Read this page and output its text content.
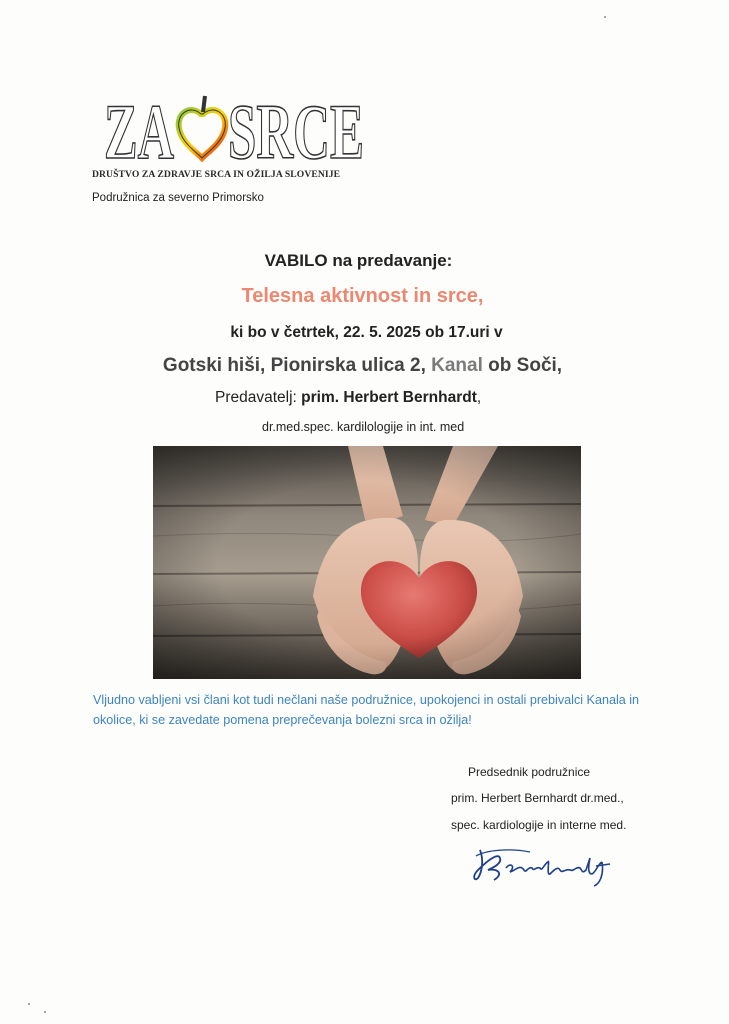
ZA SRCE
DRUŠTVO ZA ZDRAVJE SRCA IN OŽILJA SLOVENIJE
Podružnica za severno Primorsko
VABILO na predavanje:
Telesna aktivnost in srce,
ki bo v četrtek, 22. 5. 2025 ob 17.uri v
Gotski hiši, Pionirska ulica 2, Kanal ob Soči,
Predavatelj: prim. Herbert Bernhardt,
dr.med.spec. kardilologije in int. med
Vljudno vabljeni vsi člani kot tudi nečlani naše podružnice, upokojenci in ostali prebivalci Kanala in okolice, ki se zavedate pomena preprečevanja bolezni srca in ožilja!
Predsednik podružnice
prim. Herbert Bernhardt dr.med.,
spec. kardiologije in interne med.
